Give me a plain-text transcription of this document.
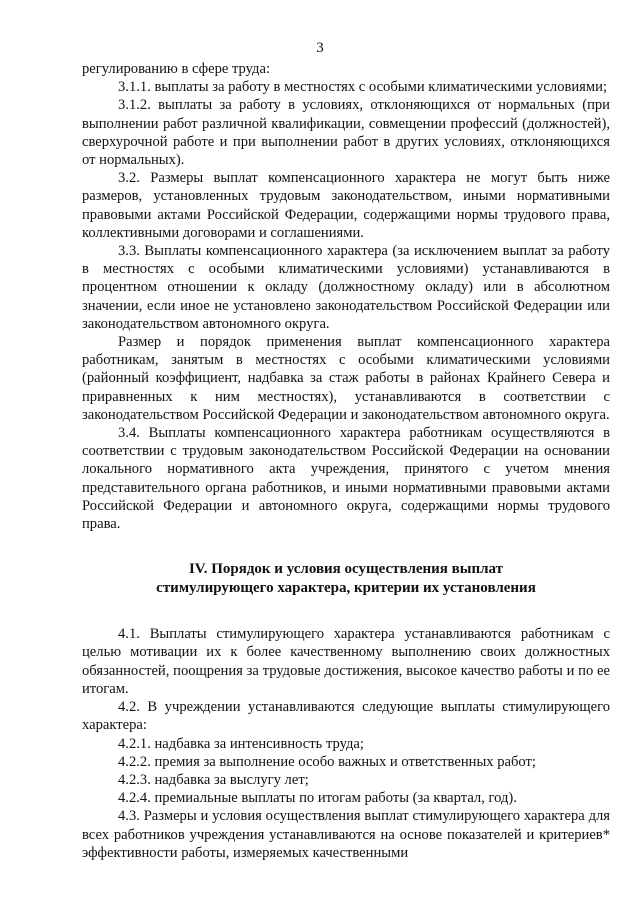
3

регулированию в сфере труда:

3.1.1. выплаты за работу в местностях с особыми климатическими условиями;

3.1.2. выплаты за работу в условиях, отклоняющихся от нормальных (при выполнении работ различной квалификации, совмещении профессий (должностей), сверхурочной работе и при выполнении работ в других условиях, отклоняющихся от нормальных).

3.2. Размеры выплат компенсационного характера не могут быть ниже размеров, установленных трудовым законодательством, иными нормативными правовыми актами Российской Федерации, содержащими нормы трудового права, коллективными договорами и соглашениями.

3.3. Выплаты компенсационного характера (за исключением выплат за работу в местностях с особыми климатическими условиями) устанавливаются в процентном отношении к окладу (должностному окладу) или в абсолютном значении, если иное не установлено законодательством Российской Федерации или законодательством автономного округа.

Размер и порядок применения выплат компенсационного характера работникам, занятым в местностях с особыми климатическими условиями (районный коэффициент, надбавка за стаж работы в районах Крайнего Севера и приравненных к ним местностях), устанавливаются в соответствии с законодательством Российской Федерации и законодательством автономного округа.

3.4. Выплаты компенсационного характера работникам осуществляются в соответствии с трудовым законодательством Российской Федерации на основании локального нормативного акта учреждения, принятого с учетом мнения представительного органа работников, и иными нормативными правовыми актами Российской Федерации и автономного округа, содержащими нормы трудового права.

IV. Порядок и условия осуществления выплат
стимулирующего характера, критерии их установления

4.1. Выплаты стимулирующего характера устанавливаются работникам с целью мотивации их к более качественному выполнению своих должностных обязанностей, поощрения за трудовые достижения, высокое качество работы и по ее итогам.

4.2. В учреждении устанавливаются следующие выплаты стимулирующего характера:

4.2.1. надбавка за интенсивность труда;

4.2.2. премия за выполнение особо важных и ответственных работ;

4.2.3. надбавка за выслугу лет;

4.2.4. премиальные выплаты по итогам работы (за квартал, год).

4.3. Размеры и условия осуществления выплат стимулирующего характера для всех работников учреждения устанавливаются на основе показателей и критериев* эффективности работы, измеряемых качественными
